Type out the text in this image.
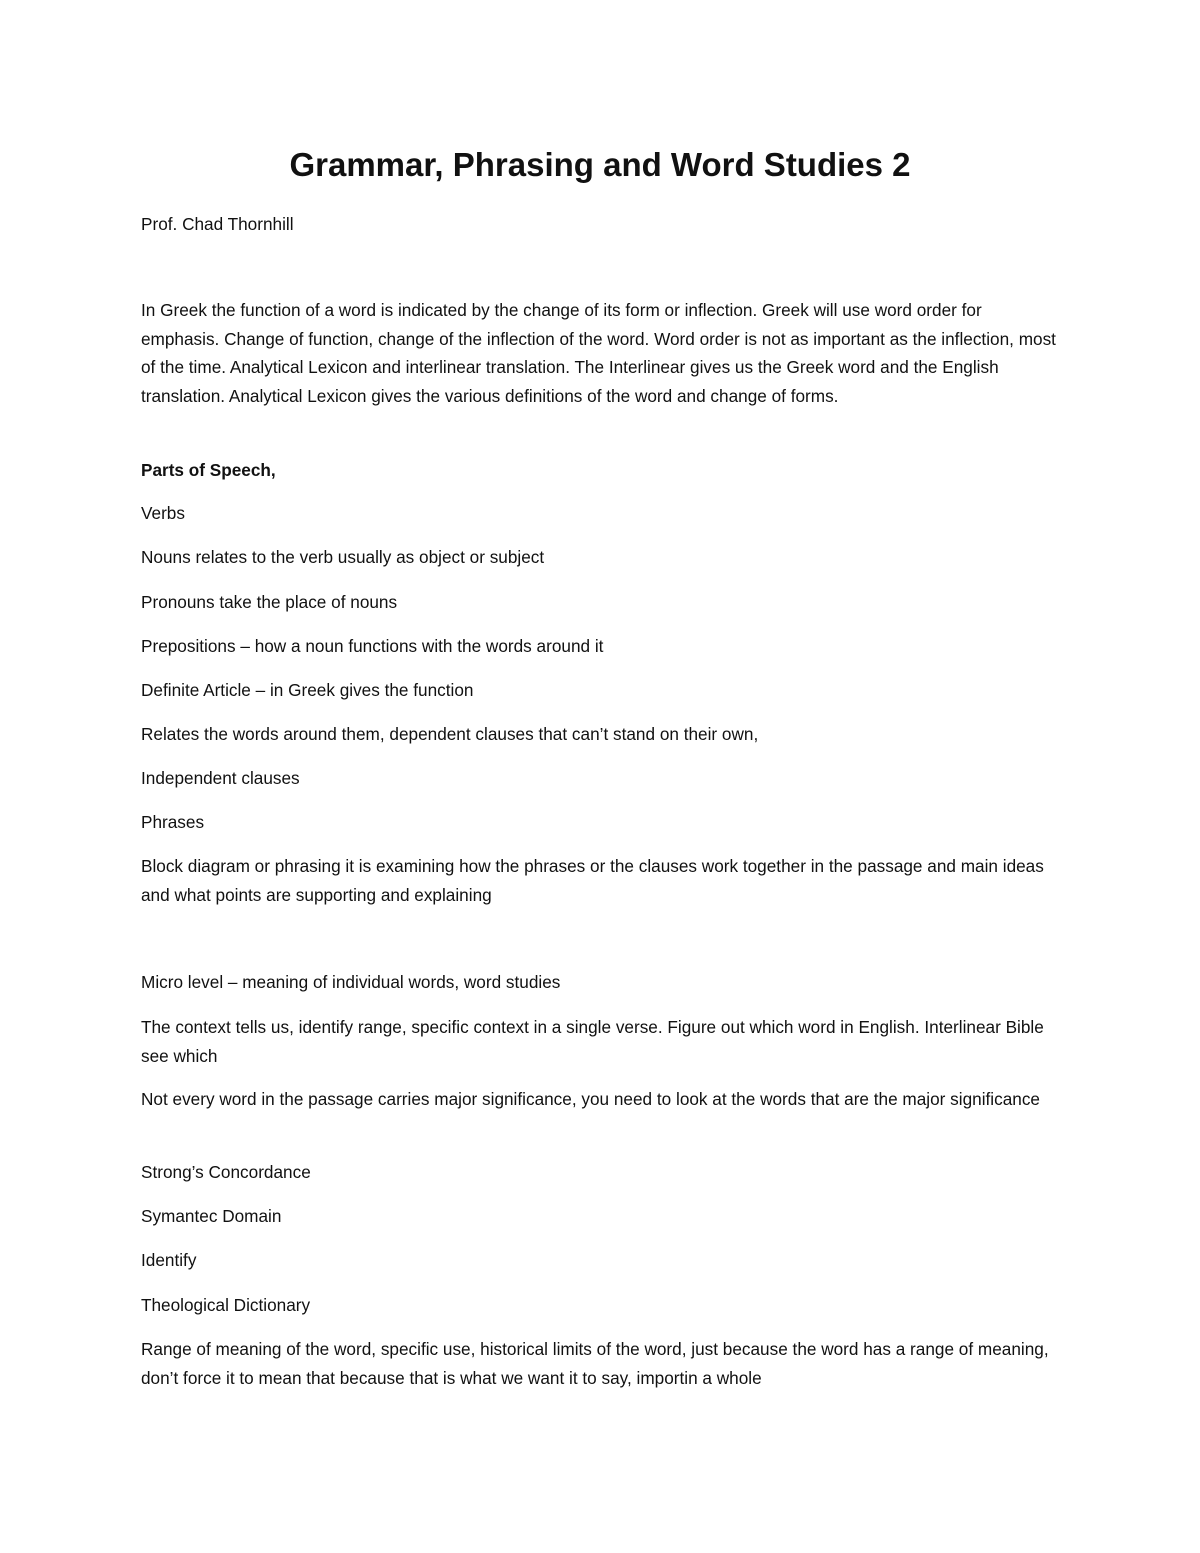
Grammar, Phrasing and Word Studies 2

Prof. Chad Thornhill

In Greek the function of a word is indicated by the change of its form or inflection. Greek will use word order for emphasis. Change of function, change of the inflection of the word. Word order is not as important as the inflection, most of the time. Analytical Lexicon and interlinear translation. The Interlinear gives us the Greek word and the English translation. Analytical Lexicon gives the various definitions of the word and change of forms.

Parts of Speech,

Verbs

Nouns relates to the verb usually as object or subject

Pronouns take the place of nouns

Prepositions – how a noun functions with the words around it

Definite Article – in Greek gives the function

Relates the words around them, dependent clauses that can’t stand on their own,

Independent clauses

Phrases

Block diagram or phrasing it is examining how the phrases or the clauses work together in the passage and main ideas and what points are supporting and explaining

Micro level – meaning of individual words, word studies

The context tells us, identify range, specific context in a single verse. Figure out which word in English. Interlinear Bible see which

Not every word in the passage carries major significance, you need to look at the words that are the major significance

Strong’s Concordance

Symantec Domain

Identify

Theological Dictionary

Range of meaning of the word, specific use, historical limits of the word, just because the word has a range of meaning, don’t force it to mean that because that is what we want it to say, importin a whole
